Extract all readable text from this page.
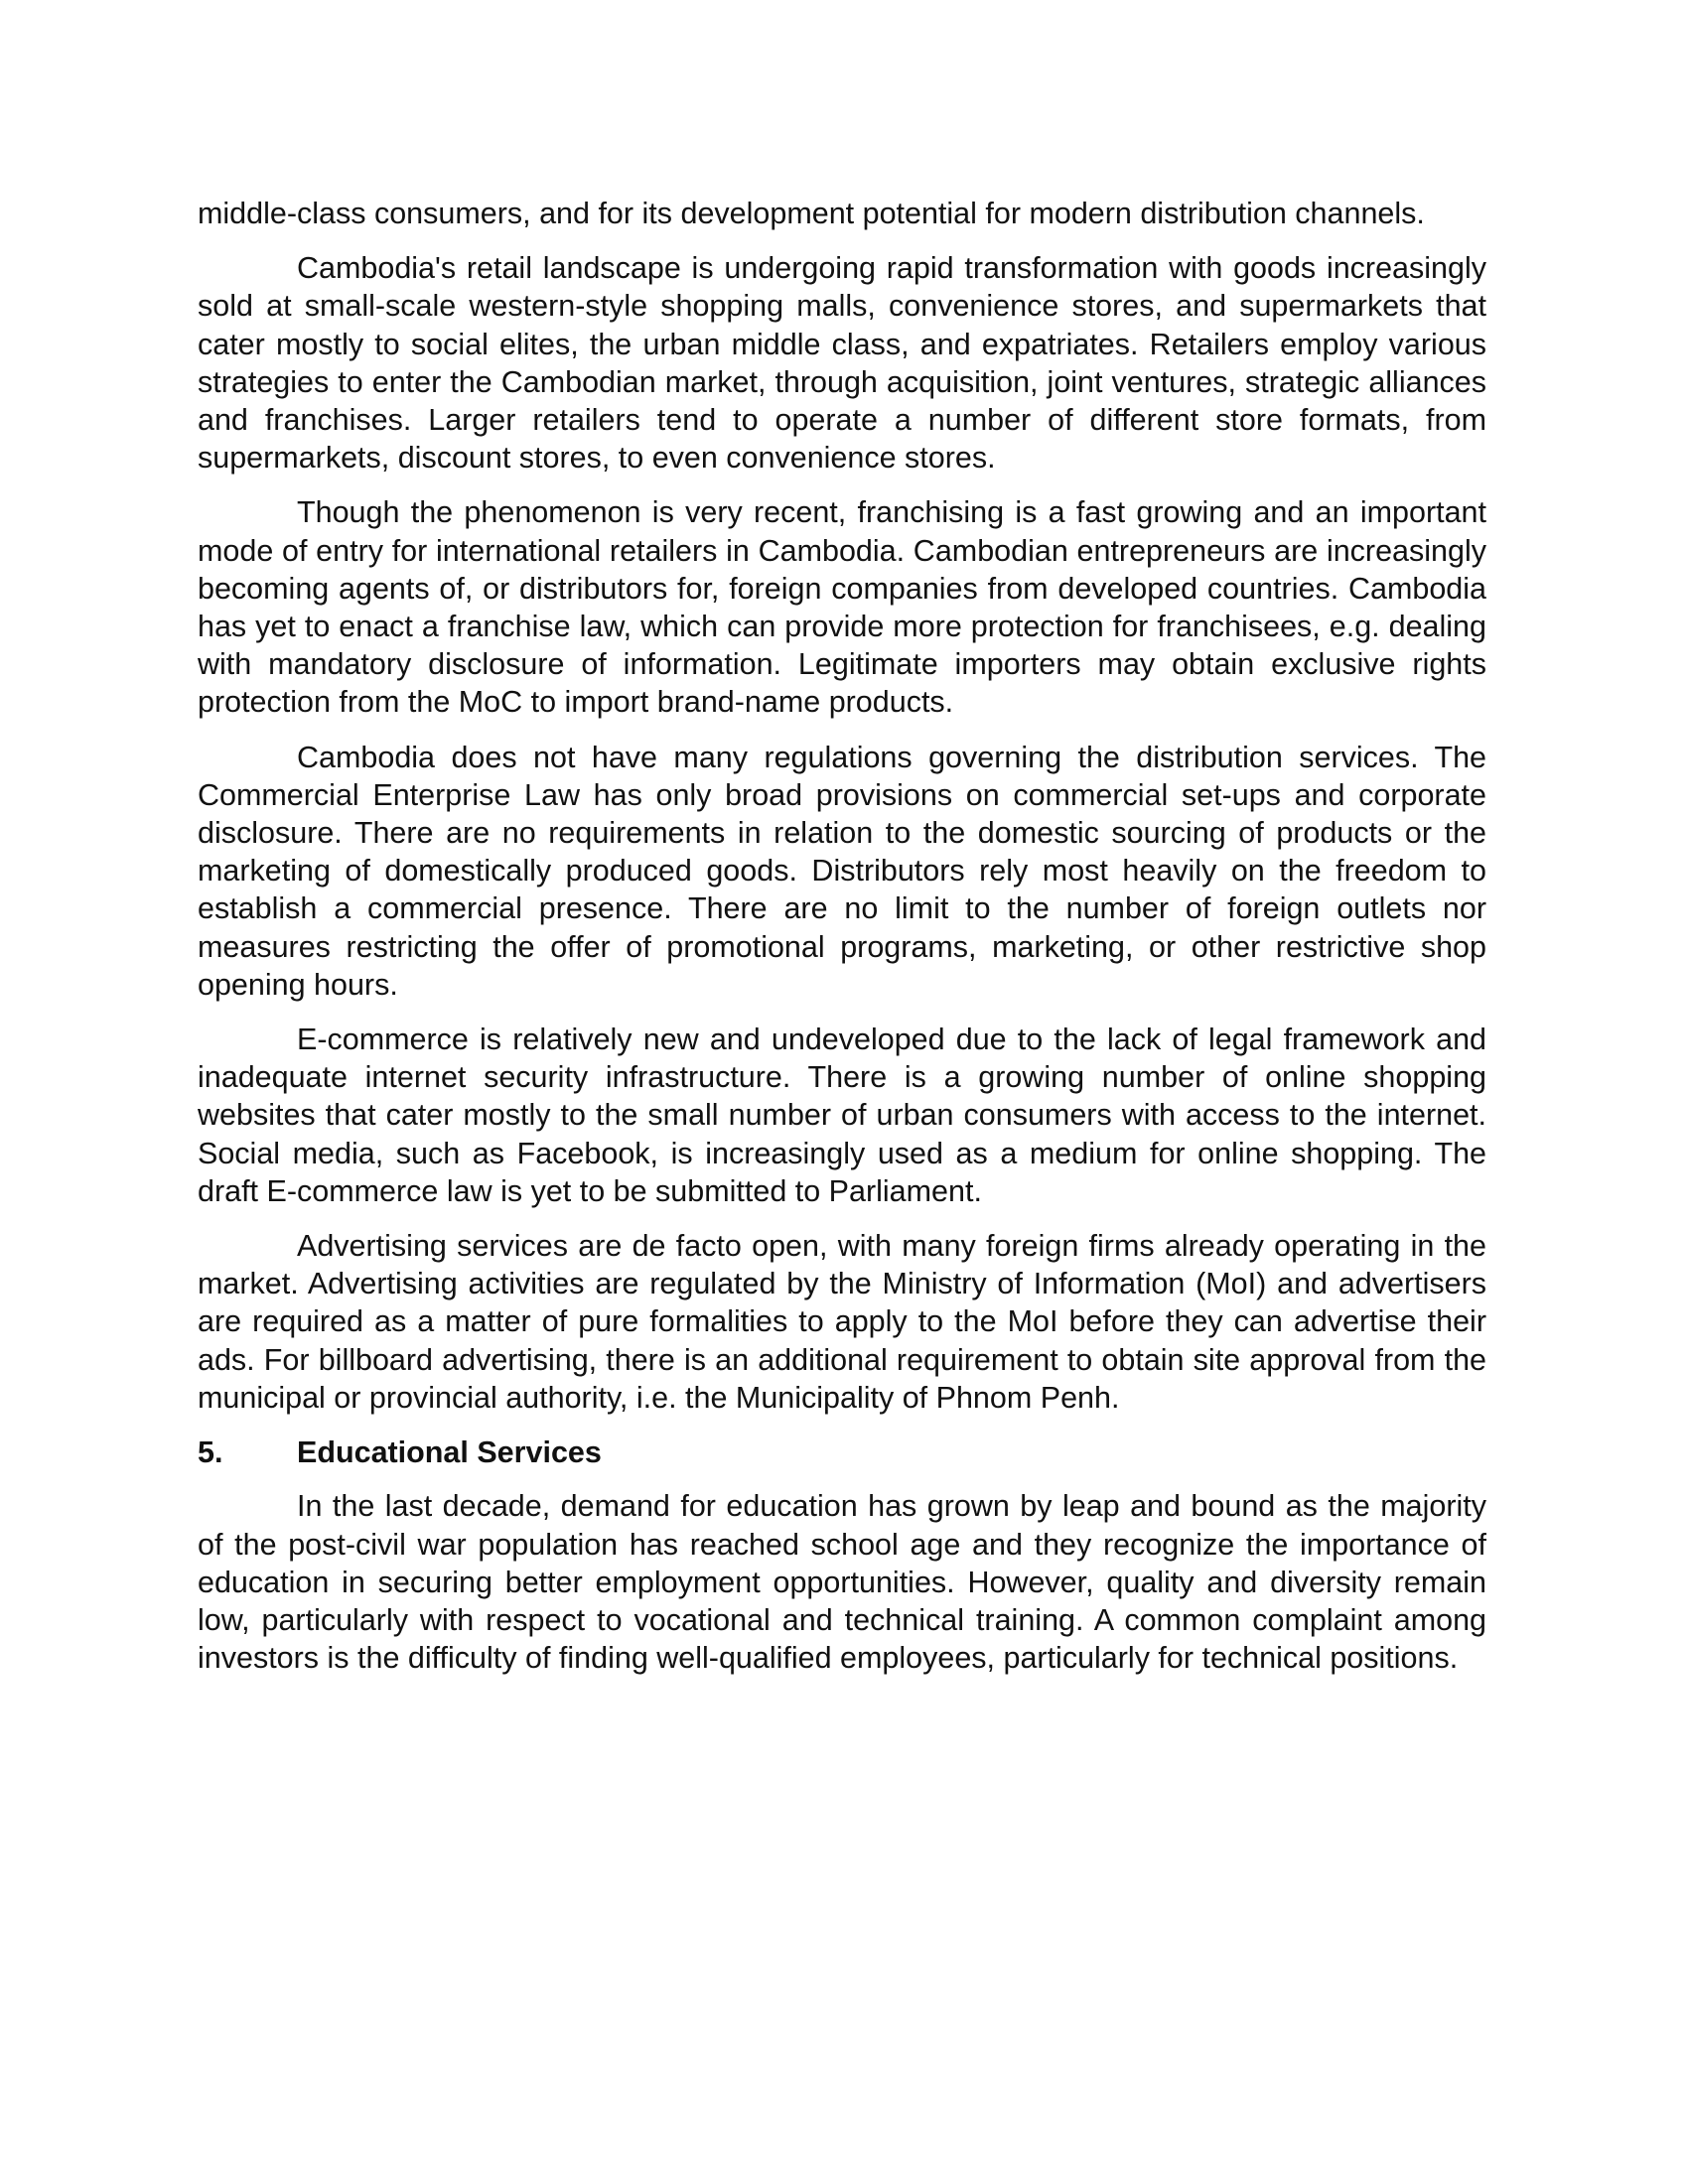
middle-class consumers, and for its development potential for modern distribution channels.

Cambodia's retail landscape is undergoing rapid transformation with goods increasingly sold at small-scale western-style shopping malls, convenience stores, and supermarkets that cater mostly to social elites, the urban middle class, and expatriates. Retailers employ various strategies to enter the Cambodian market, through acquisition, joint ventures, strategic alliances and franchises. Larger retailers tend to operate a number of different store formats, from supermarkets, discount stores, to even convenience stores.

Though the phenomenon is very recent, franchising is a fast growing and an important mode of entry for international retailers in Cambodia. Cambodian entrepreneurs are increasingly becoming agents of, or distributors for, foreign companies from developed countries. Cambodia has yet to enact a franchise law, which can provide more protection for franchisees, e.g. dealing with mandatory disclosure of information. Legitimate importers may obtain exclusive rights protection from the MoC to import brand-name products.

Cambodia does not have many regulations governing the distribution services. The Commercial Enterprise Law has only broad provisions on commercial set-ups and corporate disclosure. There are no requirements in relation to the domestic sourcing of products or the marketing of domestically produced goods. Distributors rely most heavily on the freedom to establish a commercial presence. There are no limit to the number of foreign outlets nor measures restricting the offer of promotional programs, marketing, or other restrictive shop opening hours.

E-commerce is relatively new and undeveloped due to the lack of legal framework and inadequate internet security infrastructure. There is a growing number of online shopping websites that cater mostly to the small number of urban consumers with access to the internet. Social media, such as Facebook, is increasingly used as a medium for online shopping. The draft E-commerce law is yet to be submitted to Parliament.

Advertising services are de facto open, with many foreign firms already operating in the market. Advertising activities are regulated by the Ministry of Information (MoI) and advertisers are required as a matter of pure formalities to apply to the MoI before they can advertise their ads. For billboard advertising, there is an additional requirement to obtain site approval from the municipal or provincial authority, i.e. the Municipality of Phnom Penh.

5.	Educational Services

In the last decade, demand for education has grown by leap and bound as the majority of the post-civil war population has reached school age and they recognize the importance of education in securing better employment opportunities. However, quality and diversity remain low, particularly with respect to vocational and technical training. A common complaint among investors is the difficulty of finding well-qualified employees, particularly for technical positions.
